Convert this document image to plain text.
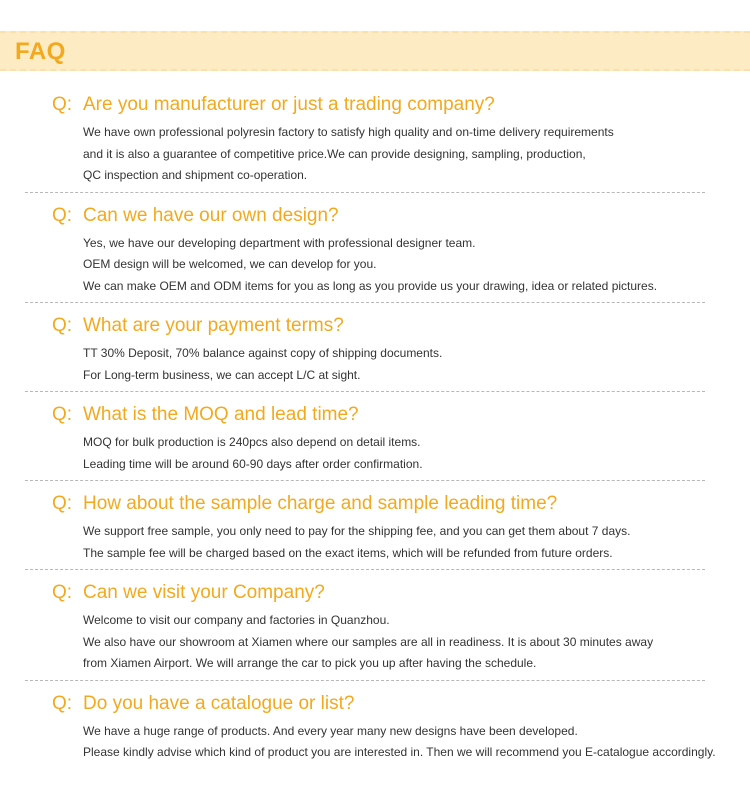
FAQ
Q: Are you manufacturer or just a trading company?
We have own professional polyresin factory to satisfy high quality and on-time delivery requirements
and it is also a guarantee of competitive price.We can provide designing, sampling, production,
QC inspection and shipment co-operation.
Q: Can we have our own design?
Yes, we have our developing department with professional designer team.
OEM design will be welcomed, we can develop for you.
We can make OEM and ODM items for you as long as you provide us your drawing, idea or related pictures.
Q: What are your payment terms?
TT 30% Deposit, 70% balance against copy of shipping documents.
For Long-term business, we can accept L/C at sight.
Q: What is the MOQ and lead time?
MOQ for bulk production is 240pcs also depend on detail items.
Leading time will be around 60-90 days after order confirmation.
Q: How about the sample charge and sample leading time?
We support free sample, you only need to pay for the shipping fee, and you can get them about 7 days.
The sample fee will be charged based on the exact items, which will be refunded from future orders.
Q: Can we visit your Company?
Welcome to visit our company and factories in Quanzhou.
We also have our showroom at Xiamen where our samples are all in readiness. It is about 30 minutes away
from Xiamen Airport. We will arrange the car to pick you up after having the schedule.
Q: Do you have a catalogue or list?
We have a huge range of products. And every year many new designs have been developed.
Please kindly advise which kind of product you are interested in. Then we will recommend you E-catalogue accordingly.
